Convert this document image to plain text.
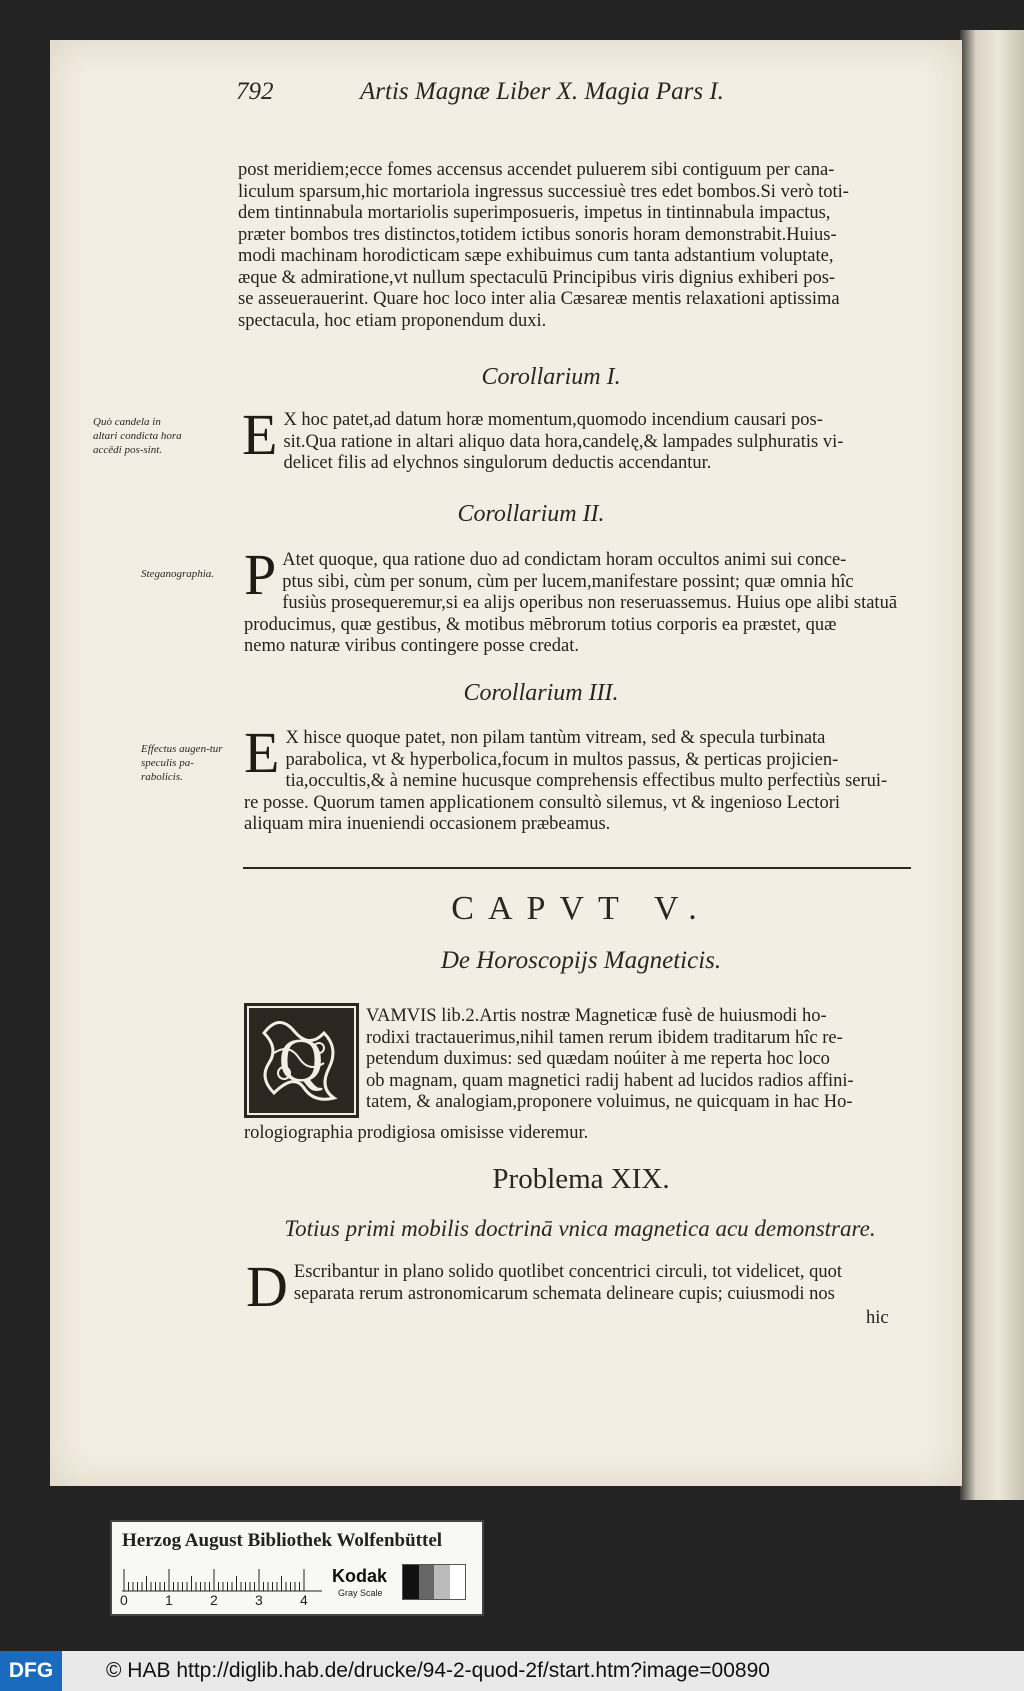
792	Artis Magnæ Liber X. Magia Pars I.
post meridiem;ecce fomes accensus accendet puluerem sibi contiguum per cana-
liculum sparsum,hic mortariola ingressus successiuè tres edet bombos.Si verò toti-
dem tintinnabula mortariolis superimposueris, impetus in tintinnabula impactus,
præter bombos tres distinctos,totidem ictibus sonoris horam demonstrabit.Huius-
modi machinam horodicticam sæpe exhibuimus cum tanta adstantium voluptate,
æque & admiratione,vt nullum spectaculū Principibus viris dignius exhiberi pos-
se asseuerauerint. Quare hoc loco inter alia Cæsareæ mentis relaxationi aptissima
spectacula, hoc etiam proponendum duxi.
Corollarium I.
Quò candela in altari condicta hora accēdi pos-sint.	E X hoc patet,ad datum horæ momentum,quomodo incendium causari pos-
sit.Qua ratione in altari aliquo data hora,candelę,& lampades sulphuratis vi-
delicet filis ad elychnos singulorum deductis accendantur.
Corollarium II.
Steganographia. P Atet quoque, qua ratione duo ad condictam horam occultos animi sui conce-
ptus sibi, cùm per sonum, cùm per lucem,manifestare possint; quæ omnia hîc
fusiùs prosequeremur,si ea alijs operibus non reseruassemus. Huius ope alibi statuā
producimus, quæ gestibus, & motibus mēbrorum totius corporis ea præstet, quæ
nemo naturæ viribus contingere posse credat.
Corollarium III.
Effectus augen-tur speculis pa-rabolicis.	E X hisce quoque patet, non pilam tantùm vitream, sed & specula turbinata
parabolica, vt & hyperbolica,focum in multos passus, & perticas projicien-
tia,occultis,& à nemine hucusque comprehensis effectibus multo perfectiùs serui-
re posse. Quorum tamen applicationem consultò silemus, vt & ingenioso Lectori
aliquam mira inueniendi occasionem præbeamus.
CAPVT V.
De Horoscopijs Magneticis.
Q
VAMVIS lib.2.Artis nostræ Magneticæ fusè de huiusmodi ho-
rodixi tractauerimus,nihil tamen rerum ibidem traditarum hîc re-
petendum duximus: sed quædam noúiter à me reperta hoc loco
ob magnam, quam magnetici radij habent ad lucidos radios affini-
tatem, & analogiam,proponere voluimus, ne quicquam in hac Ho-
rologiographia prodigiosa omisisse videremur.
Problema XIX.
Totius primi mobilis doctrinā vnica magnetica acu demonstrare.
D Escribantur in plano solido quotlibet concentrici circuli, tot videlicet, quot
separata rerum astronomicarum schemata delineare cupis; cuiusmodi nos
hic
Herzog August Bibliothek Wolfenbüttel
0	1	2	3	4
Kodak
Gray Scale
DFG	© HAB http://diglib.hab.de/drucke/94-2-quod-2f/start.htm?image=00890
